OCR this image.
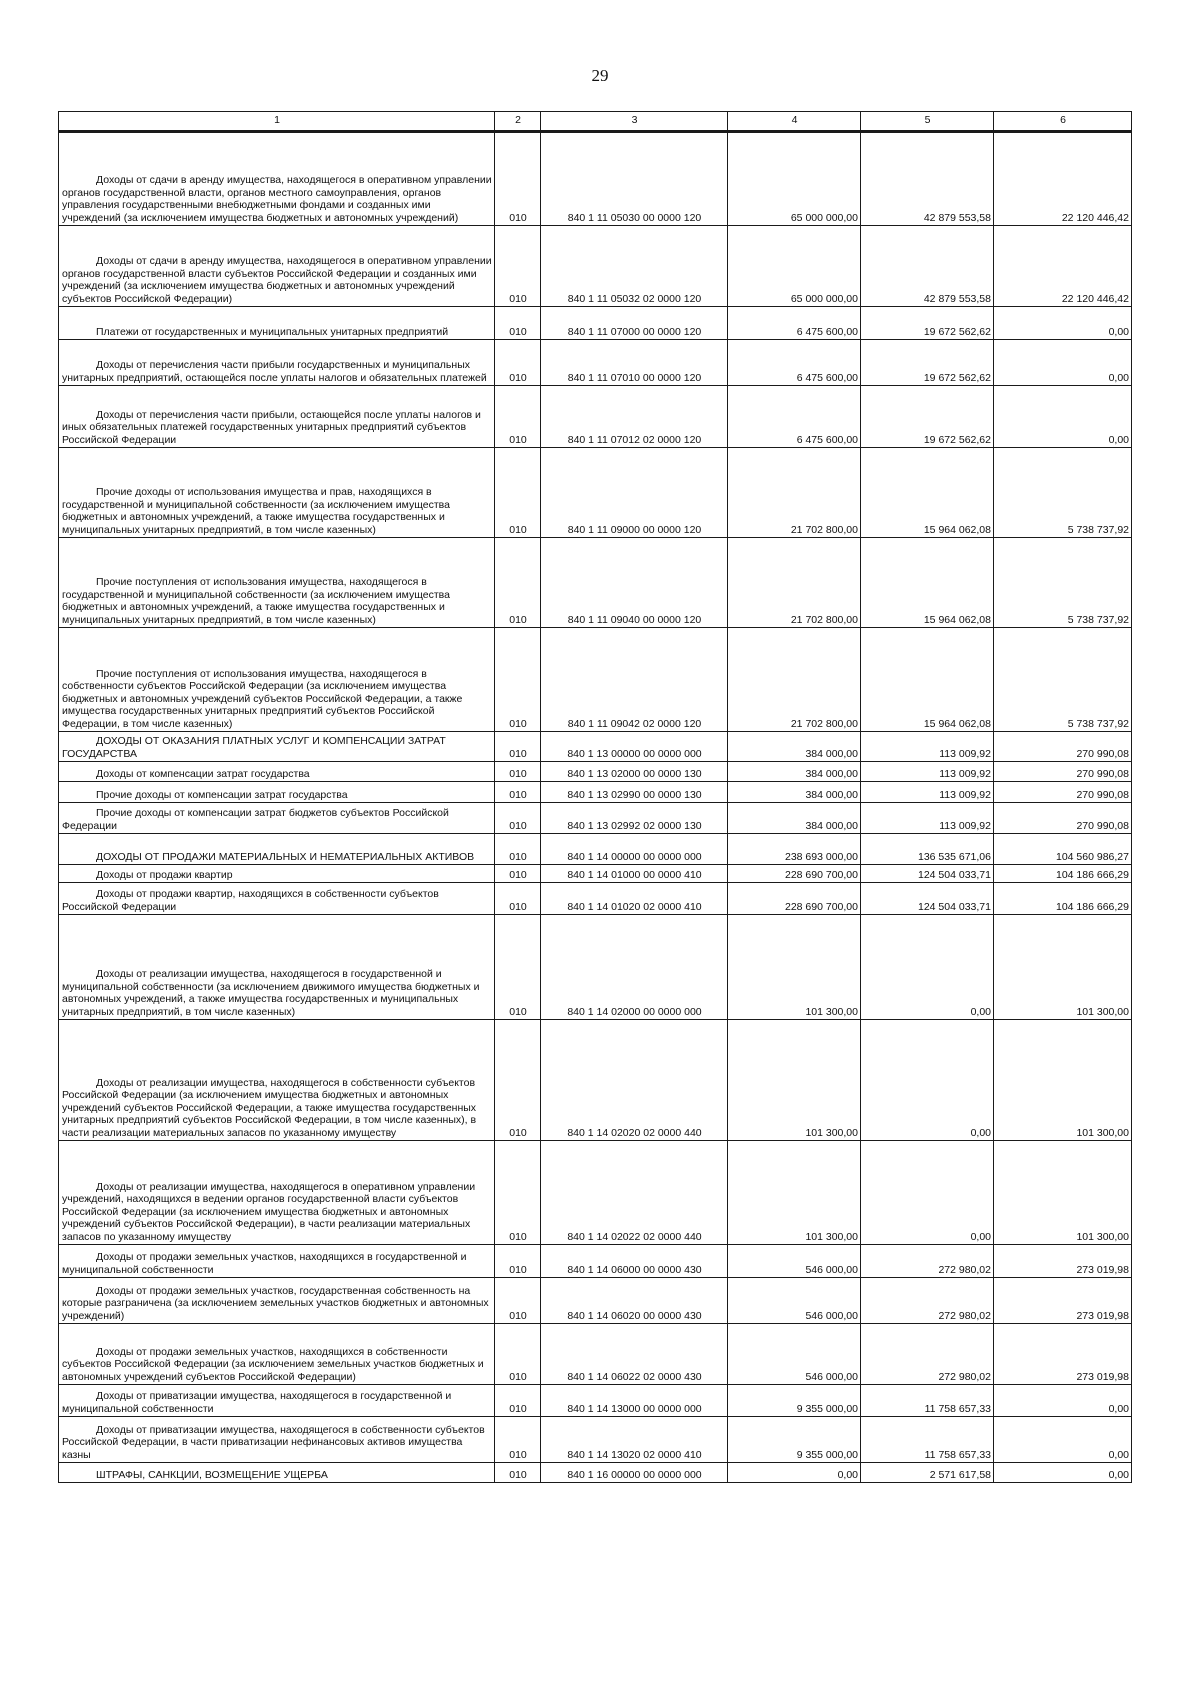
29
1	2	3	4	5	6

Доходы от сдачи в аренду имущества, находящегося в оперативном управлении органов государственной власти, органов местного самоуправления, органов управления государственными внебюджетными фондами и созданных ими учреждений (за исключением имущества бюджетных и автономных учреждений)	010	840 1 11 05030 00 0000 120	65 000 000,00	42 879 553,58	22 120 446,42

Доходы от сдачи в аренду имущества, находящегося в оперативном управлении органов государственной власти субъектов Российской Федерации и созданных ими учреждений (за исключением имущества бюджетных и автономных учреждений субъектов Российской Федерации)	010	840 1 11 05032 02 0000 120	65 000 000,00	42 879 553,58	22 120 446,42

Платежи от государственных и муниципальных унитарных предприятий	010	840 1 11 07000 00 0000 120	6 475 600,00	19 672 562,62	0,00

Доходы от перечисления части прибыли государственных и муниципальных унитарных предприятий, остающейся после уплаты налогов и обязательных платежей	010	840 1 11 07010 00 0000 120	6 475 600,00	19 672 562,62	0,00

Доходы от перечисления части прибыли, остающейся после уплаты налогов и иных обязательных платежей государственных унитарных предприятий субъектов Российской Федерации	010	840 1 11 07012 02 0000 120	6 475 600,00	19 672 562,62	0,00

Прочие доходы от использования имущества и прав, находящихся в государственной и муниципальной собственности (за исключением имущества бюджетных и автономных учреждений, а также имущества государственных и муниципальных унитарных предприятий, в том числе казенных)	010	840 1 11 09000 00 0000 120	21 702 800,00	15 964 062,08	5 738 737,92

Прочие поступления от использования имущества, находящегося в государственной и муниципальной собственности (за исключением имущества бюджетных и автономных учреждений, а также имущества государственных и муниципальных унитарных предприятий, в том числе казенных)	010	840 1 11 09040 00 0000 120	21 702 800,00	15 964 062,08	5 738 737,92

Прочие поступления от использования имущества, находящегося в собственности субъектов Российской Федерации (за исключением имущества бюджетных и автономных учреждений субъектов Российской Федерации, а также имущества государственных унитарных предприятий субъектов Российской Федерации, в том числе казенных)	010	840 1 11 09042 02 0000 120	21 702 800,00	15 964 062,08	5 738 737,92

ДОХОДЫ ОТ ОКАЗАНИЯ ПЛАТНЫХ УСЛУГ И КОМПЕНСАЦИИ ЗАТРАТ ГОСУДАРСТВА	010	840 1 13 00000 00 0000 000	384 000,00	113 009,92	270 990,08

Доходы от компенсации затрат государства	010	840 1 13 02000 00 0000 130	384 000,00	113 009,92	270 990,08

Прочие доходы от компенсации затрат государства	010	840 1 13 02990 00 0000 130	384 000,00	113 009,92	270 990,08

Прочие доходы от компенсации затрат бюджетов субъектов Российской Федерации	010	840 1 13 02992 02 0000 130	384 000,00	113 009,92	270 990,08

ДОХОДЫ ОТ ПРОДАЖИ МАТЕРИАЛЬНЫХ И НЕМАТЕРИАЛЬНЫХ АКТИВОВ	010	840 1 14 00000 00 0000 000	238 693 000,00	136 535 671,06	104 560 986,27

Доходы от продажи квартир	010	840 1 14 01000 00 0000 410	228 690 700,00	124 504 033,71	104 186 666,29

Доходы от продажи квартир, находящихся в собственности субъектов Российской Федерации	010	840 1 14 01020 02 0000 410	228 690 700,00	124 504 033,71	104 186 666,29

Доходы от реализации имущества, находящегося в государственной и муниципальной собственности (за исключением движимого имущества бюджетных и автономных учреждений, а также имущества государственных и муниципальных унитарных предприятий, в том числе казенных)	010	840 1 14 02000 00 0000 000	101 300,00	0,00	101 300,00

Доходы от реализации имущества, находящегося в собственности субъектов Российской Федерации (за исключением имущества бюджетных и автономных учреждений субъектов Российской Федерации, а также имущества государственных унитарных предприятий субъектов Российской Федерации, в том числе казенных), в части реализации материальных запасов по указанному имуществу	010	840 1 14 02020 02 0000 440	101 300,00	0,00	101 300,00

Доходы от реализации имущества, находящегося в оперативном управлении учреждений, находящихся в ведении органов государственной власти субъектов Российской Федерации (за исключением имущества бюджетных и автономных учреждений субъектов Российской Федерации), в части реализации материальных запасов по указанному имуществу	010	840 1 14 02022 02 0000 440	101 300,00	0,00	101 300,00

Доходы от продажи земельных участков, находящихся в государственной и муниципальной собственности	010	840 1 14 06000 00 0000 430	546 000,00	272 980,02	273 019,98

Доходы от продажи земельных участков, государственная собственность на которые разграничена (за исключением земельных участков бюджетных и автономных учреждений)	010	840 1 14 06020 00 0000 430	546 000,00	272 980,02	273 019,98

Доходы от продажи земельных участков, находящихся в собственности субъектов Российской Федерации (за исключением земельных участков бюджетных и автономных учреждений субъектов Российской Федерации)	010	840 1 14 06022 02 0000 430	546 000,00	272 980,02	273 019,98

Доходы от приватизации имущества, находящегося в государственной и муниципальной собственности	010	840 1 14 13000 00 0000 000	9 355 000,00	11 758 657,33	0,00

Доходы от приватизации имущества, находящегося в собственности субъектов Российской Федерации, в части приватизации нефинансовых активов имущества казны	010	840 1 14 13020 02 0000 410	9 355 000,00	11 758 657,33	0,00

ШТРАФЫ, САНКЦИИ, ВОЗМЕЩЕНИЕ УЩЕРБА	010	840 1 16 00000 00 0000 000	0,00	2 571 617,58	0,00
